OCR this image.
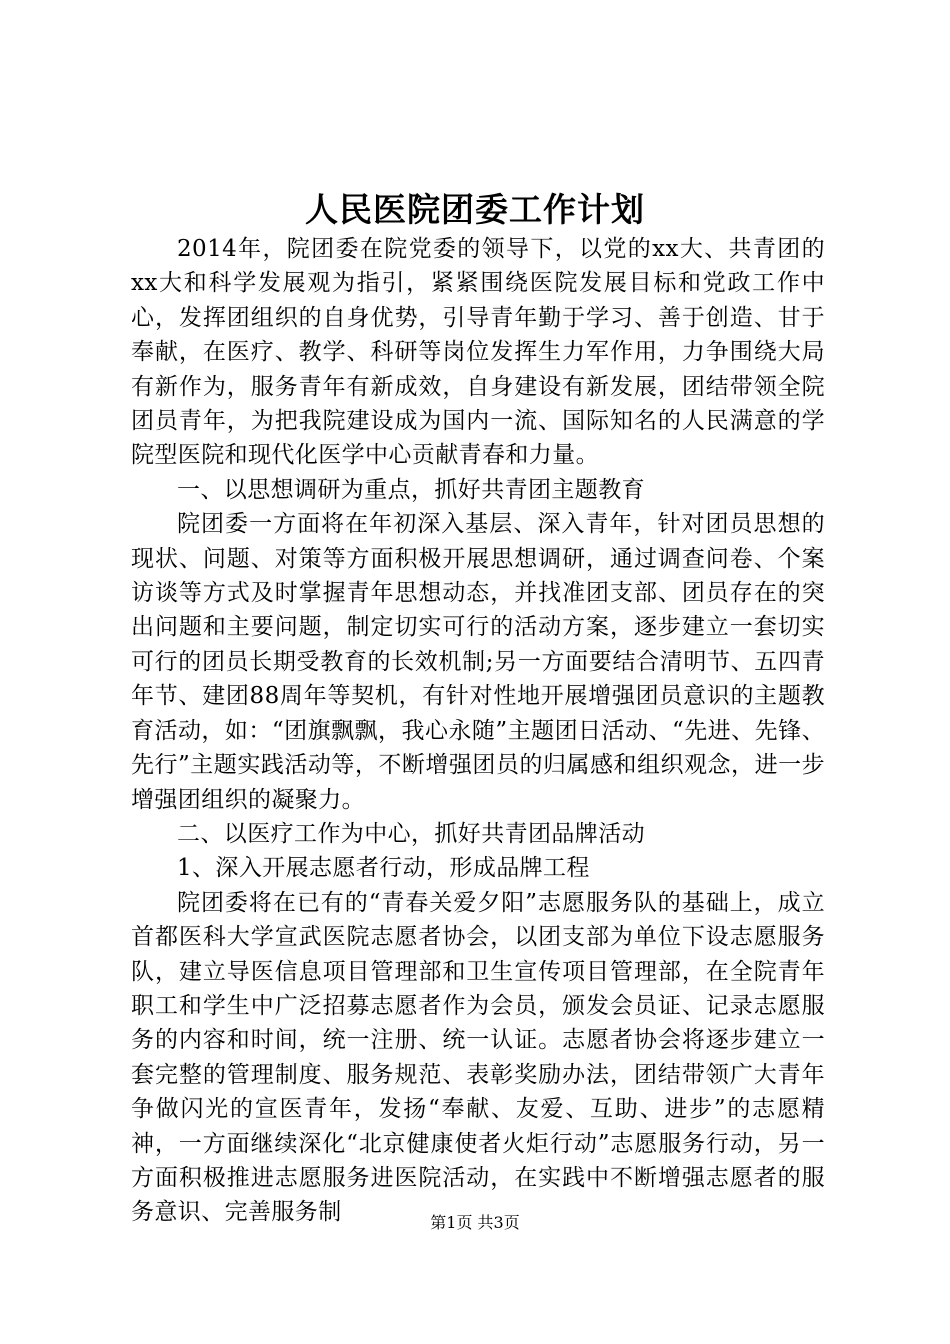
人民医院团委工作计划

2014年，院团委在院党委的领导下，以党的xx大、共青团的xx大和科学发展观为指引，紧紧围绕医院发展目标和党政工作中心，发挥团组织的自身优势，引导青年勤于学习、善于创造、甘于奉献，在医疗、教学、科研等岗位发挥生力军作用，力争围绕大局有新作为，服务青年有新成效，自身建设有新发展，团结带领全院团员青年，为把我院建设成为国内一流、国际知名的人民满意的学院型医院和现代化医学中心贡献青春和力量。

一、以思想调研为重点，抓好共青团主题教育

院团委一方面将在年初深入基层、深入青年，针对团员思想的现状、问题、对策等方面积极开展思想调研，通过调查问卷、个案访谈等方式及时掌握青年思想动态，并找准团支部、团员存在的突出问题和主要问题，制定切实可行的活动方案，逐步建立一套切实可行的团员长期受教育的长效机制;另一方面要结合清明节、五四青年节、建团88周年等契机，有针对性地开展增强团员意识的主题教育活动，如：“团旗飘飘，我心永随”主题团日活动、“先进、先锋、先行”主题实践活动等，不断增强团员的归属感和组织观念，进一步增强团组织的凝聚力。

二、以医疗工作为中心，抓好共青团品牌活动

1、深入开展志愿者行动，形成品牌工程

院团委将在已有的“青春关爱夕阳”志愿服务队的基础上，成立首都医科大学宣武医院志愿者协会，以团支部为单位下设志愿服务队，建立导医信息项目管理部和卫生宣传项目管理部，在全院青年职工和学生中广泛招募志愿者作为会员，颁发会员证、记录志愿服务的内容和时间，统一注册、统一认证。志愿者协会将逐步建立一套完整的管理制度、服务规范、表彰奖励办法，团结带领广大青年争做闪光的宣医青年，发扬“奉献、友爱、互助、进步”的志愿精神，一方面继续深化“北京健康使者火炬行动”志愿服务行动，另一方面积极推进志愿服务进医院活动，在实践中不断增强志愿者的服务意识、完善服务制	第1页 共3页
